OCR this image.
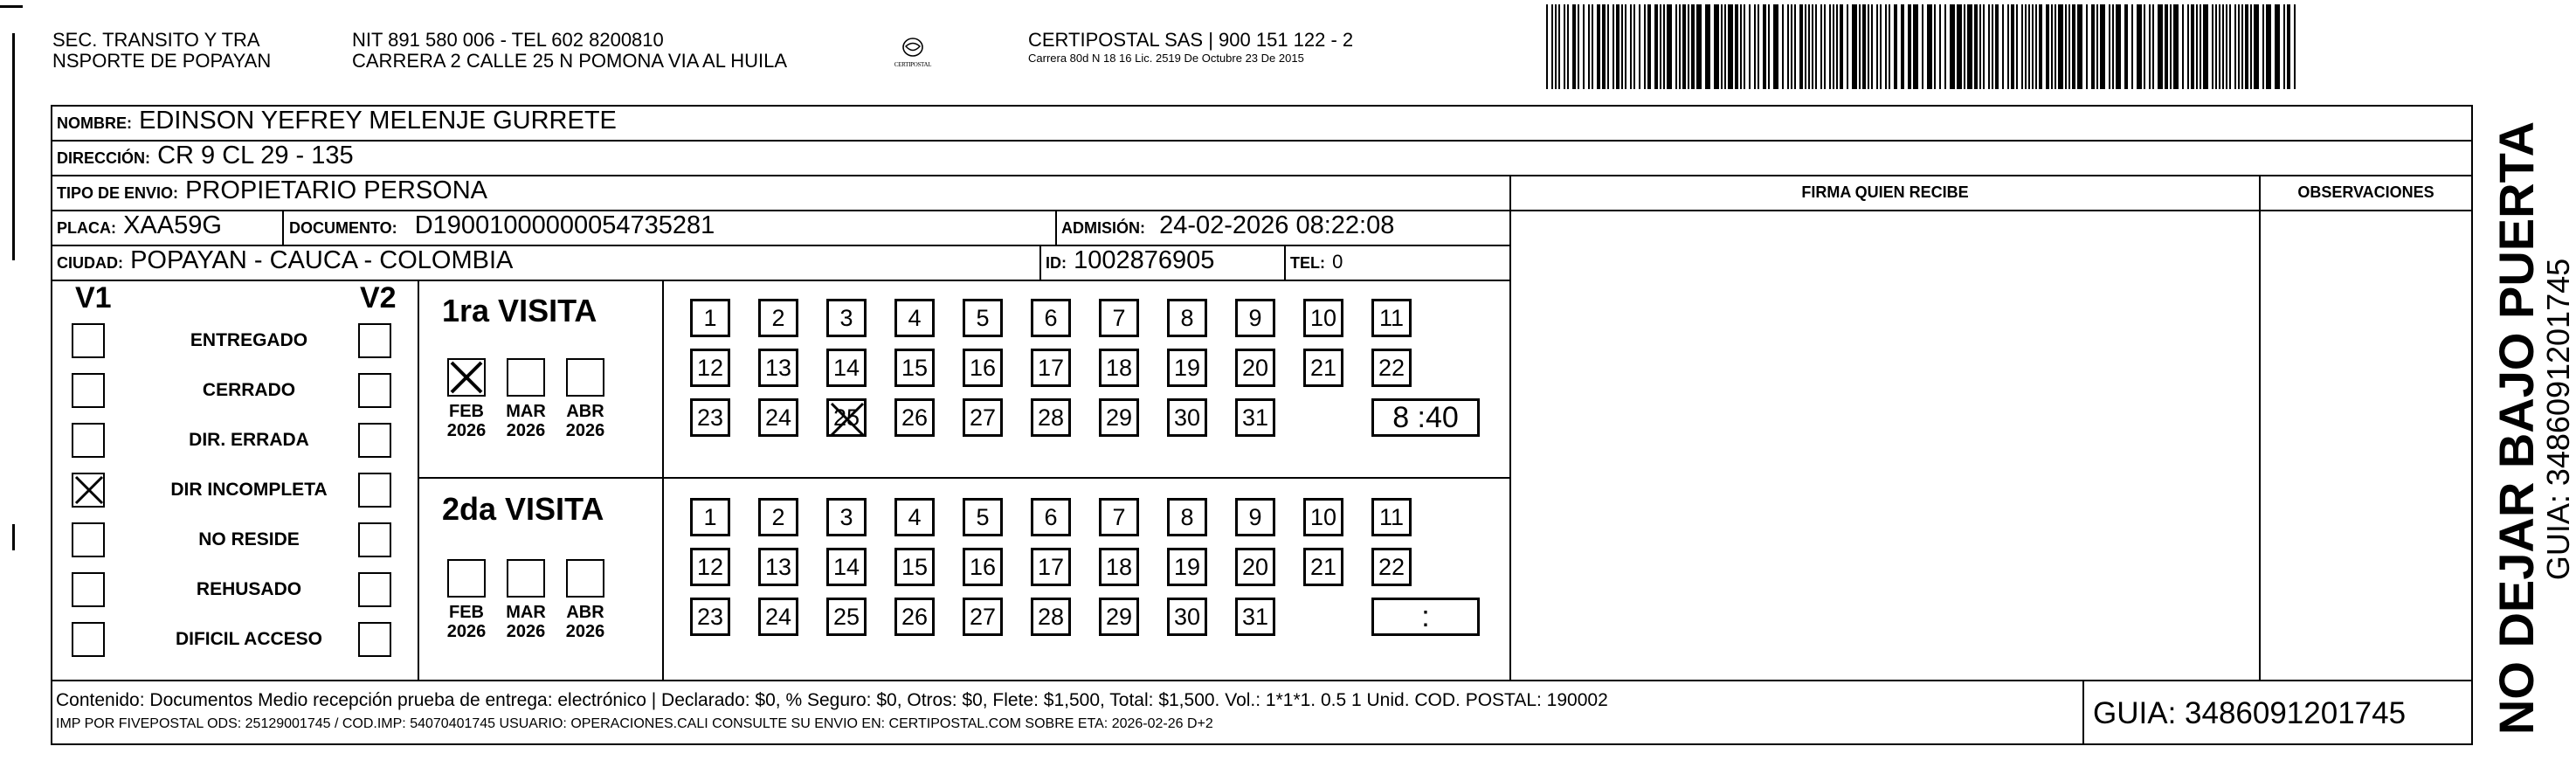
SEC. TRANSITO Y TRA
NSPORTE DE POPAYAN
NIT 891 580 006 - TEL 602 8200810
CARRERA 2 CALLE 25 N POMONA VIA AL HUILA	CERTIPOSTAL
CERTIPOSTAL SAS | 900 151 122 - 2
Carrera 80d N 18 16 Lic. 2519 De Octubre 23 De 2015
NOMBRE: EDINSON YEFREY MELENJE GURRETE
DIRECCIÓN: CR 9 CL 29 - 135
TIPO DE ENVIO: PROPIETARIO PERSONA	FIRMA QUIEN RECIBE	OBSERVACIONES
PLACA: XAA59G	DOCUMENTO: D19001000000054735281	ADMISIÓN: 24-02-2026 08:22:08
CIUDAD: POPAYAN - CAUCA - COLOMBIA	ID: 1002876905	TEL: 0
V1	V2
ENTREGADO
CERRADO
DIR. ERRADA
DIR INCOMPLETA
NO RESIDE
REHUSADO
DIFICIL ACCESO
1ra VISITA
FEB
2026
MAR
2026
ABR
2026
1	2	3	4	5	6	7	8	9	10	11
12 13 14 15 16 17 18 19 20 21 22
23 24 25 26 27 28 29 30 31	8 :40
2da VISITA
FEB
2026
MAR
2026
ABR
2026
1	2	3	4	5	6	7	8	9	10	11
12 13 14 15 16 17 18 19 20 21 22
23 24 25 26 27 28 29 30 31	:
Contenido: Documentos Medio recepción prueba de entrega: electrónico | Declarado: $0, % Seguro: $0, Otros: $0, Flete: $1,500, Total: $1,500. Vol.: 1*1*1. 0.5 1 Unid. COD. POSTAL: 190002
IMP POR FIVEPOSTAL ODS: 25129001745 / COD.IMP: 54070401745 USUARIO: OPERACIONES.CALI CONSULTE SU ENVIO EN: CERTIPOSTAL.COM SOBRE ETA: 2026-02-26 D+2	GUIA: 3486091201745 NO DEJAR BAJO PUERTA
GUIA: 3486091201745
